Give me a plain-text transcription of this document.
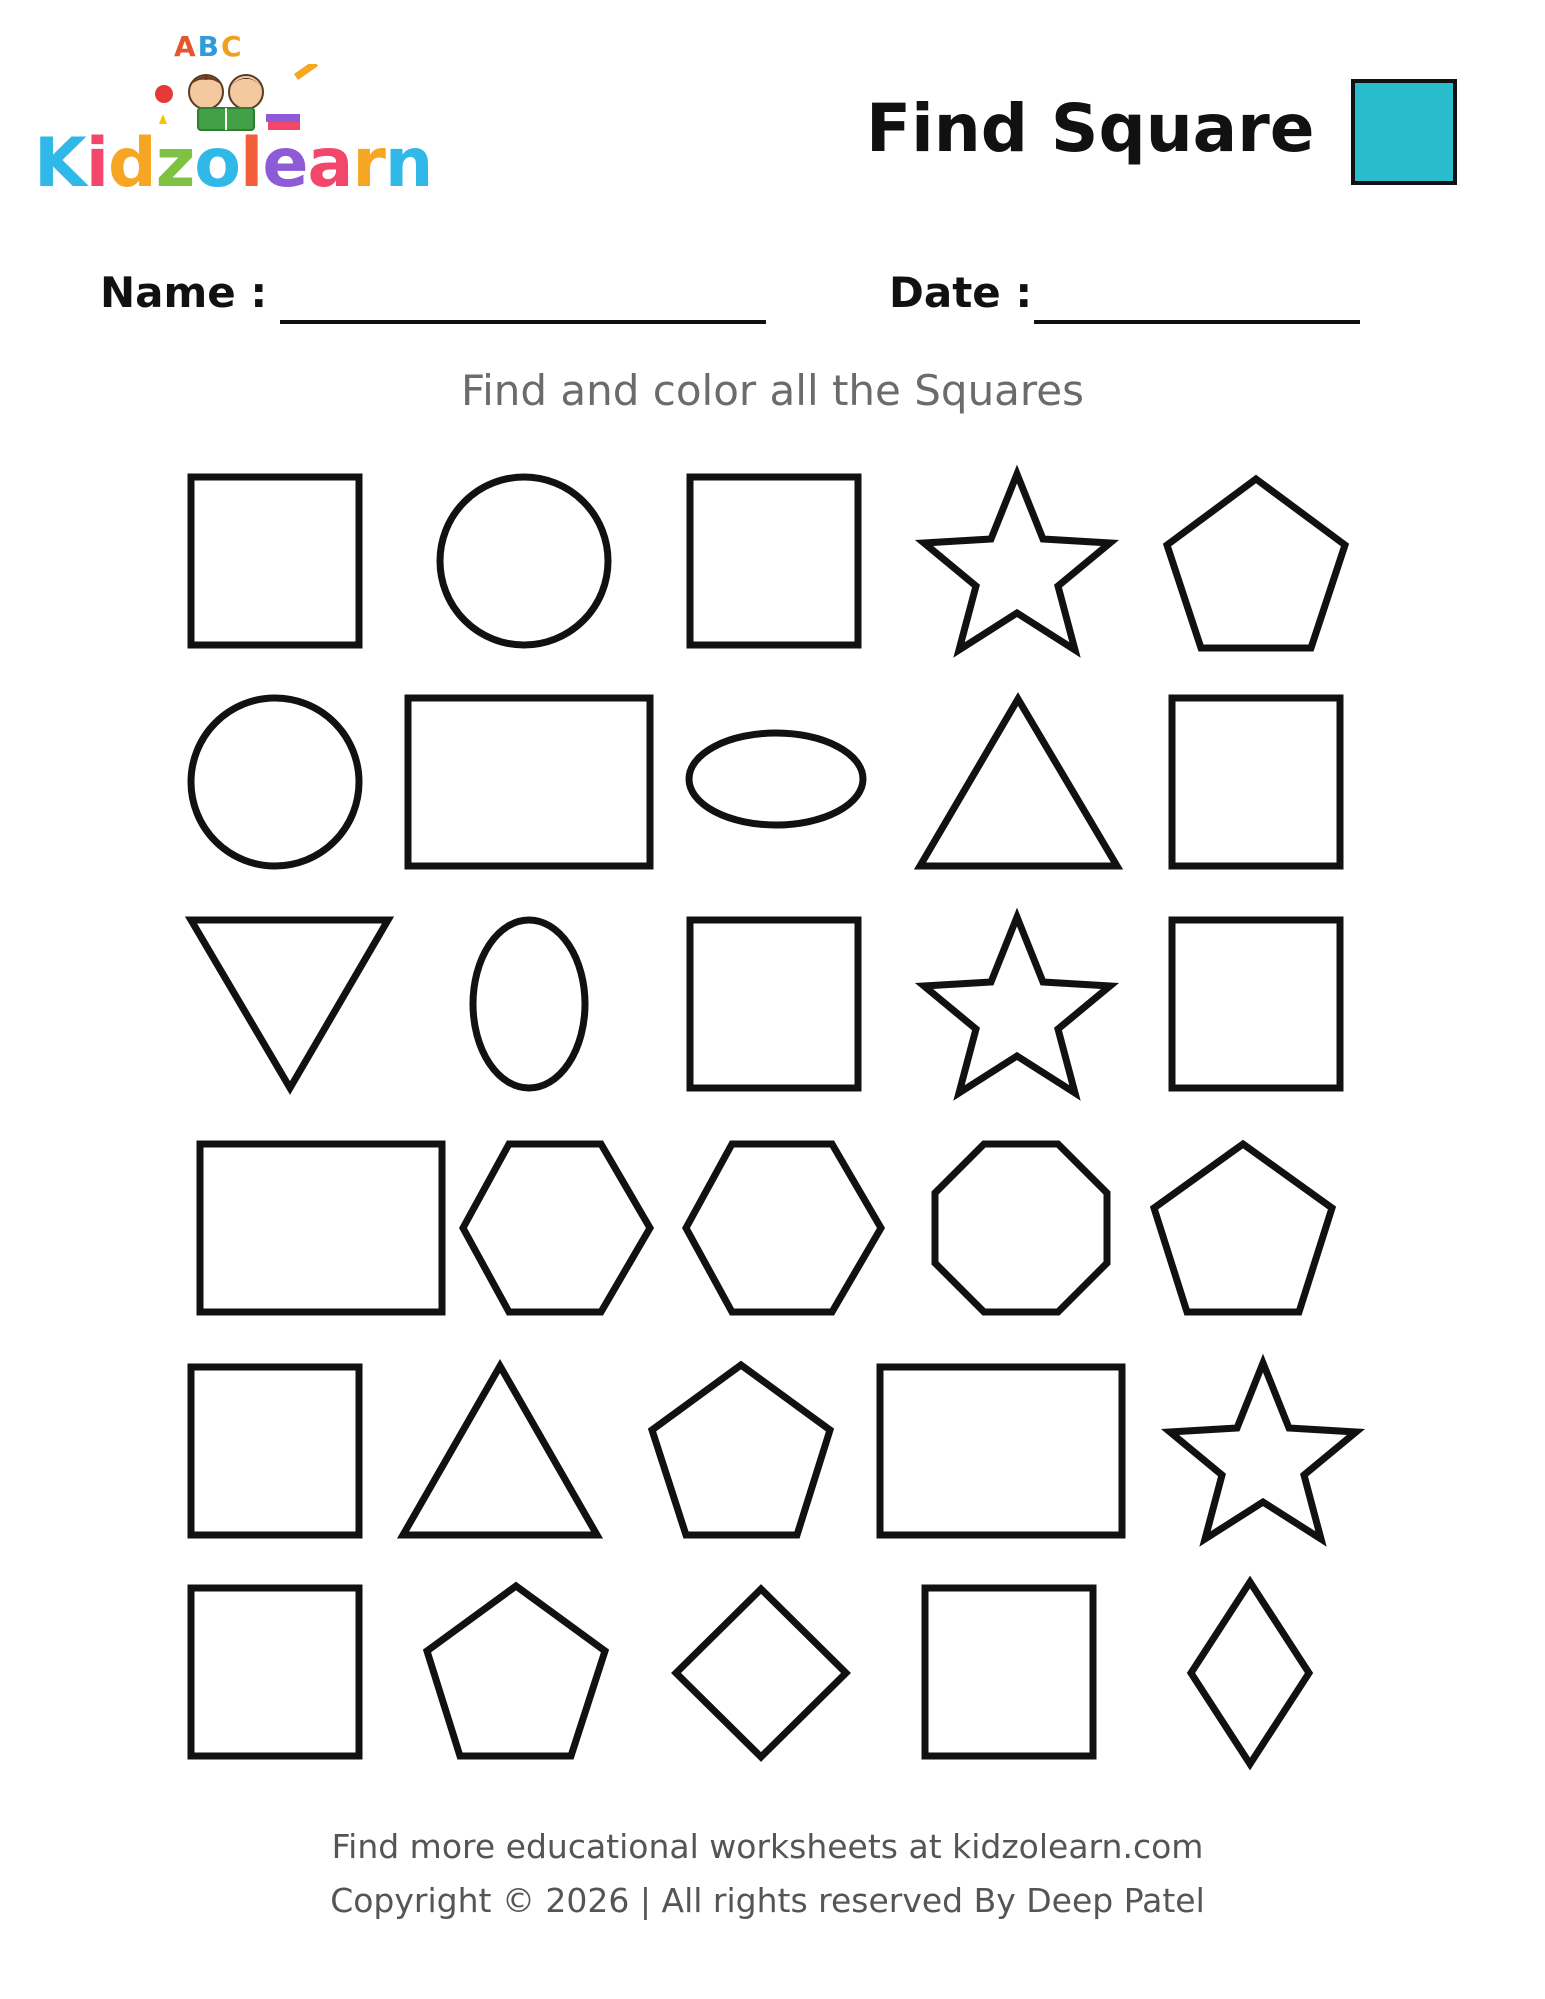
ABC
Kidzolearn	Find Square
Name :	Date :
Find and color all the Squares
Find more educational worksheets at kidzolearn.com
Copyright © 2026 | All rights reserved By Deep Patel
